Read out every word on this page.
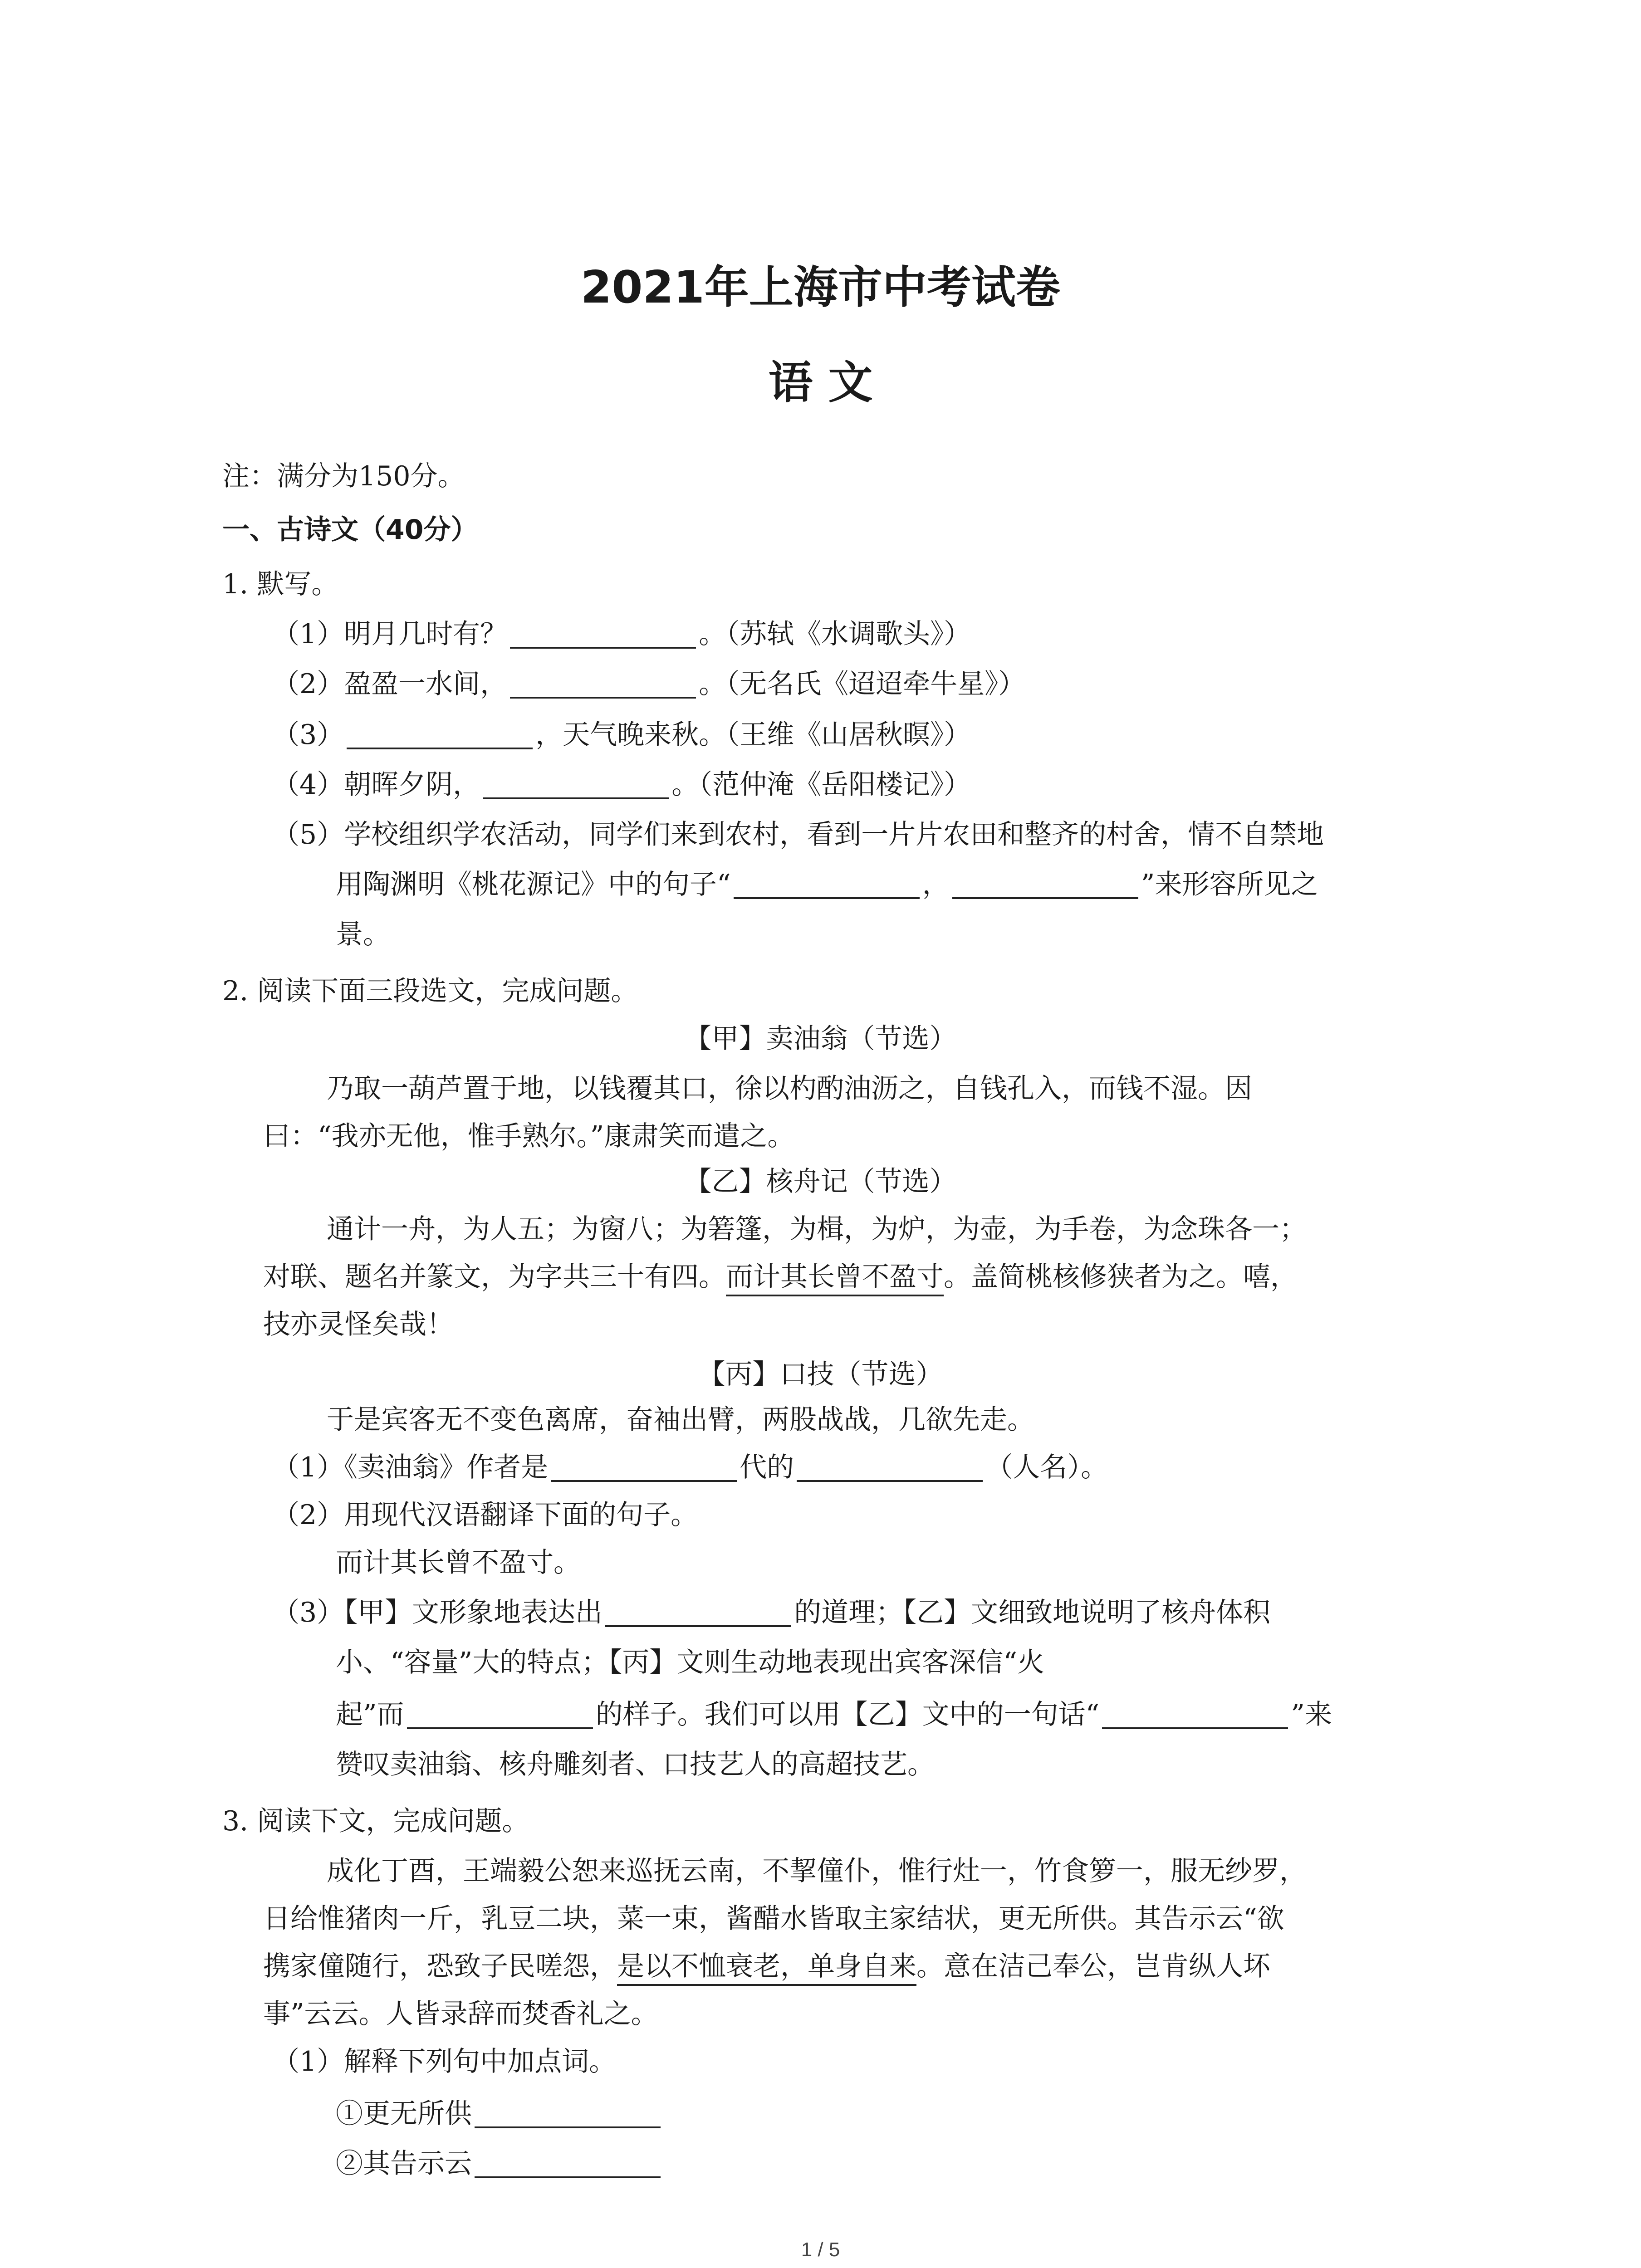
2021年上海市中考试卷
语 文
注：满分为150分。
一、古诗文（40分）
1. 默写。
（1）明月几时有？	。（苏轼《水调歌头》）
（2）盈盈一水间，	。（无名氏《迢迢牵牛星》）
（3）	，天气晚来秋。（王维《山居秋暝》）
（4）朝晖夕阴，	。（范仲淹《岳阳楼记》）
（5）学校组织学农活动，同学们来到农村，看到一片片农田和整齐的村舍，情不自禁地
用陶渊明《桃花源记》中的句子“	，	”来形容所见之
景。
2. 阅读下面三段选文，完成问题。
【甲】卖油翁（节选）
乃取一葫芦置于地，以钱覆其口，徐以杓酌油沥之，自钱孔入，而钱不湿。因
曰：“我亦无他，惟手熟尔。”康肃笑而遣之。
【乙】核舟记（节选）
通计一舟，为人五；为窗八；为箬篷，为楫，为炉，为壶，为手卷，为念珠各一；
对联、题名并篆文，为字共三十有四。而计其长曾不盈寸。盖简桃核修狭者为之。嘻，
技亦灵怪矣哉！
【丙】口技（节选）
于是宾客无不变色离席，奋袖出臂，两股战战，几欲先走。
（1）《卖油翁》作者是	代的	（人名）。
（2）用现代汉语翻译下面的句子。
而计其长曾不盈寸。
（3）【甲】文形象地表达出	的道理；【乙】文细致地说明了核舟体积
小、“容量”大的特点；【丙】文则生动地表现出宾客深信“火
起”而	的样子。我们可以用【乙】文中的一句话“	”来
赞叹卖油翁、核舟雕刻者、口技艺人的高超技艺。
3. 阅读下文，完成问题。
成化丁酉，王端毅公恕来巡抚云南，不挈僮仆，惟行灶一，竹食箩一，服无纱罗，
日给惟猪肉一斤，乳豆二块，菜一束，酱醋水皆取主家结状，更无所供。其告示云“欲
携家僮随行，恐致子民嗟怨，是以不恤衰老，单身自来。意在洁己奉公，岂肯纵人坏
事”云云。人皆录辞而焚香礼之。
（1）解释下列句中加点词。
①更无所供
②其告示云
1 / 5
